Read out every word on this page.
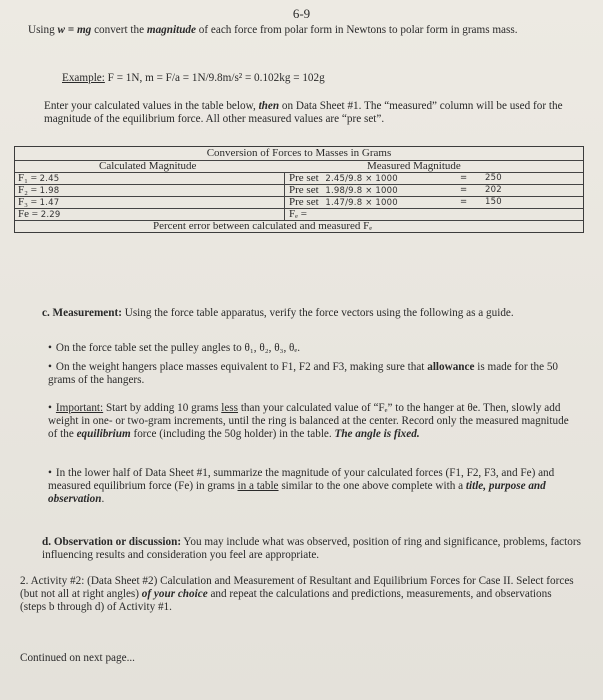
6-9
Using w = mg convert the magnitude of each force from polar form in Newtons to polar form in grams mass.
Example: F = 1N, m = F/a = 1N/9.8m/s² = 0.102kg = 102g
Enter your calculated values in the table below, then on Data Sheet #1. The “measured” column will be used for the magnitude of the equilibrium force. All other measured values are “pre set”.
Conversion of Forces to Masses in Grams
Calculated Magnitude	Measured Magnitude
F₁ = 2.45	Pre set 2.45/9.8 × 1000	= 250
F₂ = 1.98	Pre set 1.98/9.8 × 1000	= 202
F₃ = 1.47	Pre set 1.47/9.8 × 1000	= 150
Fe = 2.29	Fₑ =
Percent error between calculated and measured Fₑ
c. Measurement: Using the force table apparatus, verify the force vectors using the following as a guide.
• On the force table set the pulley angles to θ₁, θ₂, θ₃, θₑ.
• On the weight hangers place masses equivalent to F1, F2 and F3, making sure that allowance is made for the 50 grams of the hangers.
• Important: Start by adding 10 grams less than your calculated value of “Fₑ” to the hanger at θe. Then, slowly add weight in one- or two-gram increments, until the ring is balanced at the center. Record only the measured magnitude of the equilibrium force (including the 50g holder) in the table. The angle is fixed.
• In the lower half of Data Sheet #1, summarize the magnitude of your calculated forces (F1, F2, F3, and Fe) and measured equilibrium force (Fe) in grams in a table similar to the one above complete with a title, purpose and observation.
d. Observation or discussion: You may include what was observed, position of ring and significance, problems, factors influencing results and consideration you feel are appropriate.
2. Activity #2: (Data Sheet #2) Calculation and Measurement of Resultant and Equilibrium Forces for Case II. Select forces (but not all at right angles) of your choice and repeat the calculations and predictions, measurements, and observations (steps b through d) of Activity #1.
Continued on next page...
